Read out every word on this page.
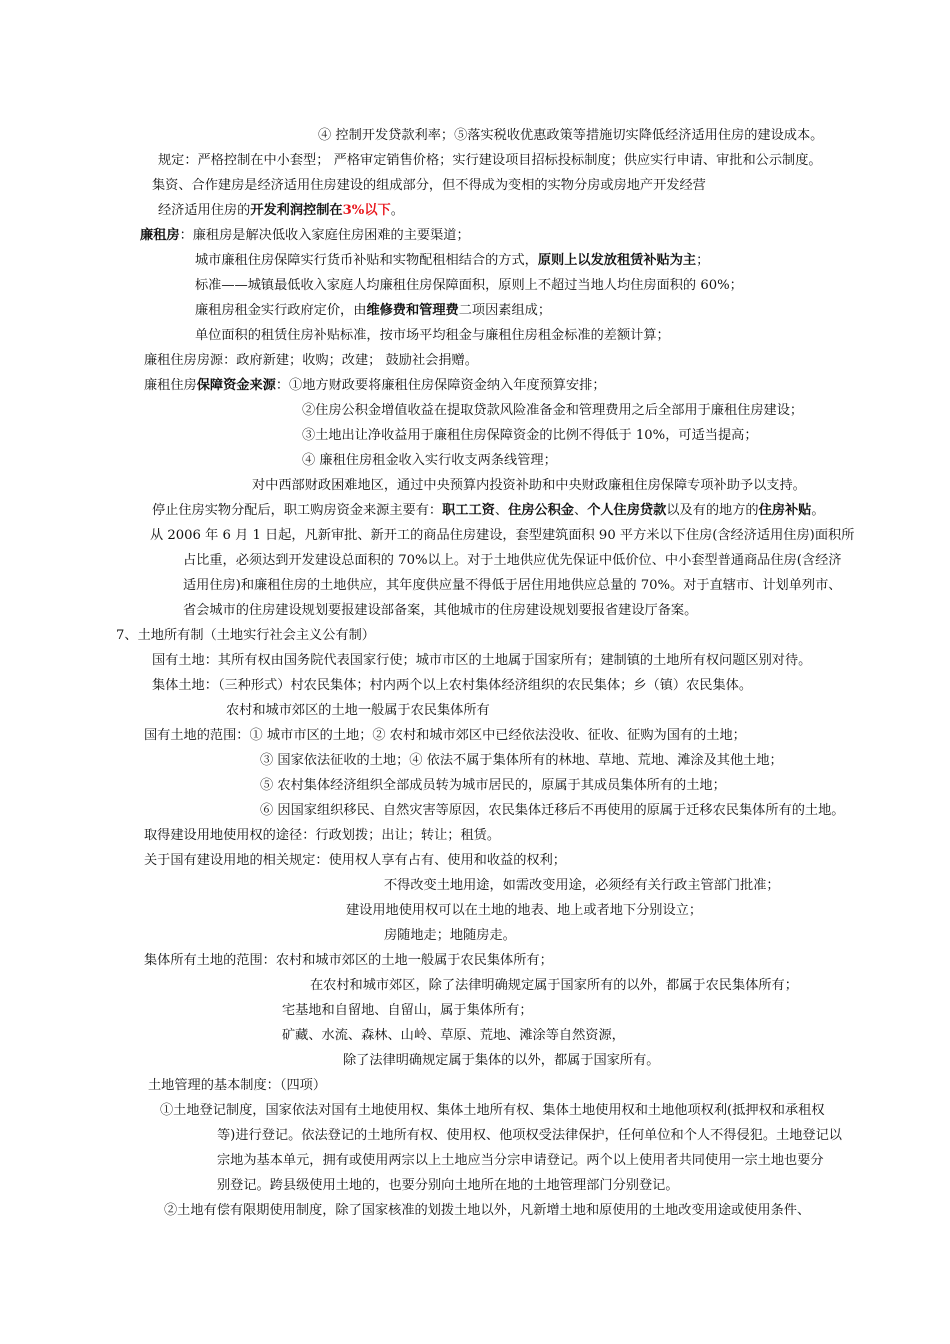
④ 控制开发贷款利率；⑤落实税收优惠政策等措施切实降低经济适用住房的建设成本。
规定：严格控制在中小套型； 严格审定销售价格；实行建设项目招标投标制度；供应实行申请、审批和公示制度。
集资、合作建房是经济适用住房建设的组成部分，但不得成为变相的实物分房或房地产开发经营
经济适用住房的开发利润控制在3%以下。
廉租房：廉租房是解决低收入家庭住房困难的主要渠道；
城市廉租住房保障实行货币补贴和实物配租相结合的方式，原则上以发放租赁补贴为主；
标准——城镇最低收入家庭人均廉租住房保障面积，原则上不超过当地人均住房面积的 60%；
廉租房租金实行政府定价，由维修费和管理费二项因素组成；
单位面积的租赁住房补贴标准，按市场平均租金与廉租住房租金标准的差额计算；
廉租住房房源：政府新建；收购；改建； 鼓励社会捐赠。
廉租住房保障资金来源：①地方财政要将廉租住房保障资金纳入年度预算安排；
②住房公积金增值收益在提取贷款风险准备金和管理费用之后全部用于廉租住房建设；
③土地出让净收益用于廉租住房保障资金的比例不得低于 10%，可适当提高；
④ 廉租住房租金收入实行收支两条线管理；
对中西部财政困难地区，通过中央预算内投资补助和中央财政廉租住房保障专项补助予以支持。
停止住房实物分配后，职工购房资金来源主要有：职工工资、住房公积金、个人住房贷款以及有的地方的住房补贴。
从 2006 年 6 月 1 日起，凡新审批、新开工的商品住房建设，套型建筑面积 90 平方米以下住房(含经济适用住房)面积所
占比重，必须达到开发建设总面积的 70%以上。对于土地供应优先保证中低价位、中小套型普通商品住房(含经济
适用住房)和廉租住房的土地供应，其年度供应量不得低于居住用地供应总量的 70%。对于直辖市、计划单列市、
省会城市的住房建设规划要报建设部备案，其他城市的住房建设规划要报省建设厅备案。
7、土地所有制（土地实行社会主义公有制）
国有土地：其所有权由国务院代表国家行使；城市市区的土地属于国家所有；建制镇的土地所有权问题区别对待。
集体土地：（三种形式）村农民集体；村内两个以上农村集体经济组织的农民集体；乡（镇）农民集体。
农村和城市郊区的土地一般属于农民集体所有
国有土地的范围：① 城市市区的土地；② 农村和城市郊区中已经依法没收、征收、征购为国有的土地；
③ 国家依法征收的土地；④ 依法不属于集体所有的林地、草地、荒地、滩涂及其他土地；
⑤ 农村集体经济组织全部成员转为城市居民的，原属于其成员集体所有的土地；
⑥ 因国家组织移民、自然灾害等原因，农民集体迁移后不再使用的原属于迁移农民集体所有的土地。
取得建设用地使用权的途径：行政划拨；出让；转让；租赁。
关于国有建设用地的相关规定：使用权人享有占有、使用和收益的权利；
不得改变土地用途，如需改变用途，必须经有关行政主管部门批准；
建设用地使用权可以在土地的地表、地上或者地下分别设立；
房随地走；地随房走。
集体所有土地的范围：农村和城市郊区的土地一般属于农民集体所有；
在农村和城市郊区，除了法律明确规定属于国家所有的以外，都属于农民集体所有；
宅基地和自留地、自留山，属于集体所有；
矿藏、水流、森林、山岭、草原、荒地、滩涂等自然资源，
除了法律明确规定属于集体的以外，都属于国家所有。
土地管理的基本制度：（四项）
①土地登记制度，国家依法对国有土地使用权、集体土地所有权、集体土地使用权和土地他项权利(抵押权和承租权
等)进行登记。依法登记的土地所有权、使用权、他项权受法律保护，任何单位和个人不得侵犯。土地登记以
宗地为基本单元，拥有或使用两宗以上土地应当分宗申请登记。两个以上使用者共同使用一宗土地也要分
别登记。跨县级使用土地的，也要分别向土地所在地的土地管理部门分别登记。
②土地有偿有限期使用制度，除了国家核准的划拨土地以外，凡新增土地和原使用的土地改变用途或使用条件、
